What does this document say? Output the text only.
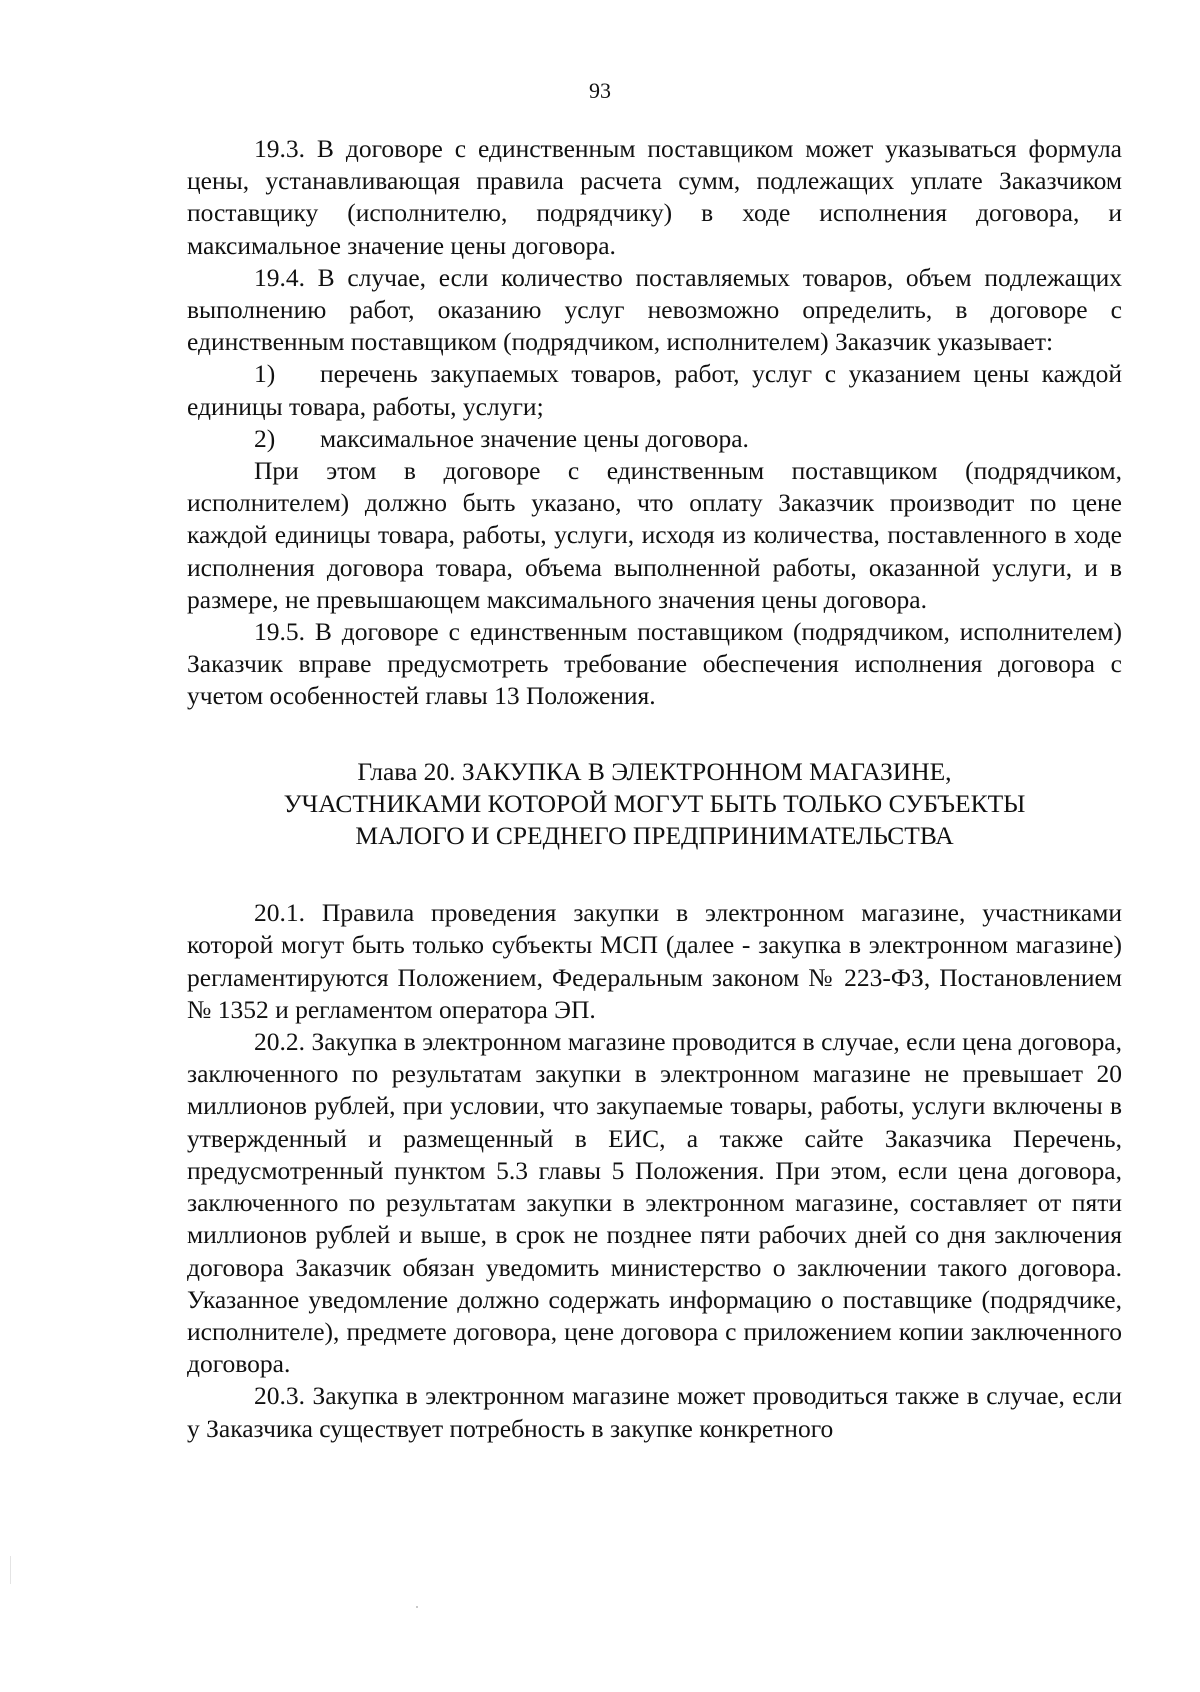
93

19.3. В договоре с единственным поставщиком может указываться формула цены, устанавливающая правила расчета сумм, подлежащих уплате Заказчиком поставщику (исполнителю, подрядчику) в ходе исполнения договора, и максимальное значение цены договора.

19.4. В случае, если количество поставляемых товаров, объем подлежащих выполнению работ, оказанию услуг невозможно определить, в договоре с единственным поставщиком (подрядчиком, исполнителем) Заказчик указывает:

1) перечень закупаемых товаров, работ, услуг с указанием цены каждой единицы товара, работы, услуги;

2) максимальное значение цены договора.

При этом в договоре с единственным поставщиком (подрядчиком, исполнителем) должно быть указано, что оплату Заказчик производит по цене каждой единицы товара, работы, услуги, исходя из количества, поставленного в ходе исполнения договора товара, объема выполненной работы, оказанной услуги, и в размере, не превышающем максимального значения цены договора.

19.5. В договоре с единственным поставщиком (подрядчиком, исполнителем) Заказчик вправе предусмотреть требование обеспечения исполнения договора с учетом особенностей главы 13 Положения.

Глава 20. ЗАКУПКА В ЭЛЕКТРОННОМ МАГАЗИНЕ,
УЧАСТНИКАМИ КОТОРОЙ МОГУТ БЫТЬ ТОЛЬКО СУБЪЕКТЫ
МАЛОГО И СРЕДНЕГО ПРЕДПРИНИМАТЕЛЬСТВА

20.1. Правила проведения закупки в электронном магазине, участниками которой могут быть только субъекты МСП (далее - закупка в электронном магазине) регламентируются Положением, Федеральным законом № 223-ФЗ, Постановлением № 1352 и регламентом оператора ЭП.

20.2. Закупка в электронном магазине проводится в случае, если цена договора, заключенного по результатам закупки в электронном магазине не превышает 20 миллионов рублей, при условии, что закупаемые товары, работы, услуги включены в утвержденный и размещенный в ЕИС, а также сайте Заказчика Перечень, предусмотренный пунктом 5.3 главы 5 Положения. При этом, если цена договора, заключенного по результатам закупки в электронном магазине, составляет от пяти миллионов рублей и выше, в срок не позднее пяти рабочих дней со дня заключения договора Заказчик обязан уведомить министерство о заключении такого договора. Указанное уведомление должно содержать информацию о поставщике (подрядчике, исполнителе), предмете договора, цене договора с приложением копии заключенного договора.

20.3. Закупка в электронном магазине может проводиться также в случае, если у Заказчика существует потребность в закупке конкретного
